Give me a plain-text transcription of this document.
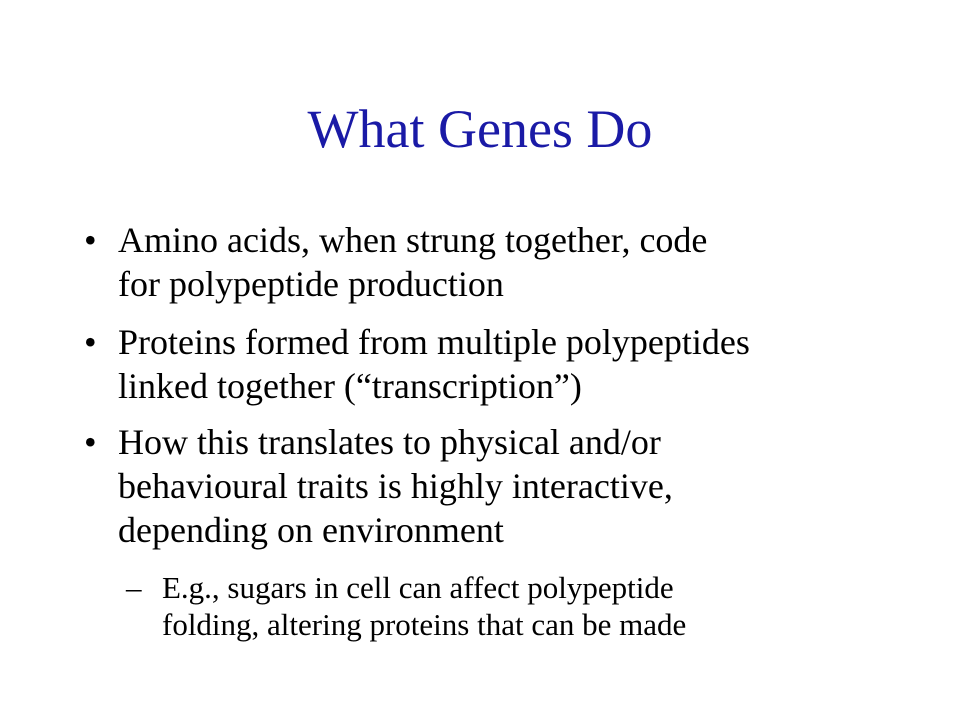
What Genes Do
• Amino acids, when strung together, code
for polypeptide production
• Proteins formed from multiple polypeptides
linked together (“transcription”)
• How this translates to physical and/or
behavioural traits is highly interactive,
depending on environment
– E.g., sugars in cell can affect polypeptide
folding, altering proteins that can be made
